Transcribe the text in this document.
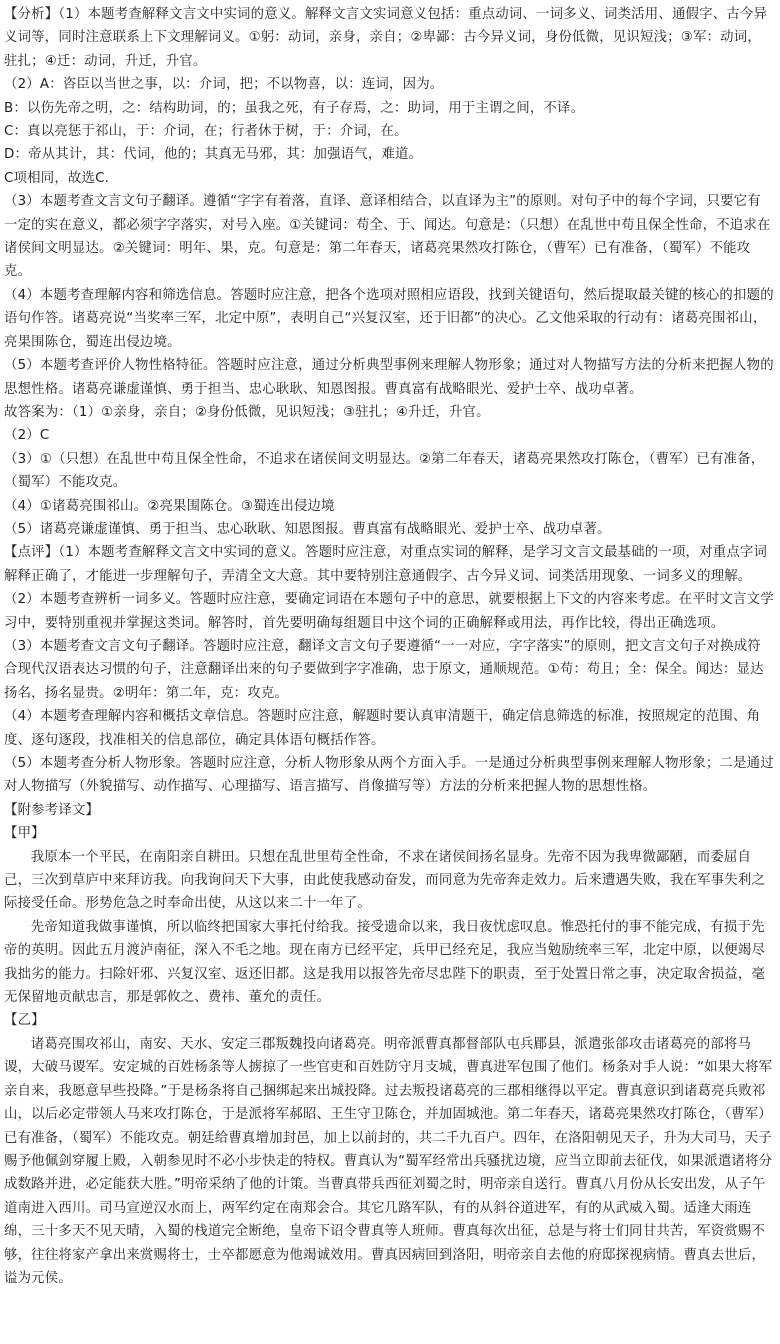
【分析】（1）本题考查解释文言文中实词的意义。解释文言文实词意义包括：重点动词、一词多义、词类活用、通假字、古今异义词等，同时注意联系上下文理解词义。①躬：动词，亲身，亲自；②卑鄙：古今异义词，身份低微，见识短浅；③军：动词，驻扎；④迁：动词，升迁，升官。

（2）A：咨臣以当世之事，以：介词，把；不以物喜，以：连词，因为。

B：以伤先帝之明，之：结构助词，的；虽我之死，有子存焉，之：助词，用于主谓之间，不译。

C：真以亮惩于祁山，于：介词，在；行者休于树，于：介词，在。

D：帝从其计，其：代词，他的；其真无马邪，其：加强语气，难道。

C项相同，故选C.

（3）本题考查文言文句子翻译。遵循“字字有着落，直译、意译相结合，以直译为主”的原则。对句子中的每个字词，只要它有一定的实在意义，都必须字字落实，对号入座。①关键词：苟全、于、闻达。句意是：（只想）在乱世中苟且保全性命，不追求在诸侯间文明显达。②关键词：明年、果，克。句意是：第二年春天，诸葛亮果然攻打陈仓，（曹军）已有准备，（蜀军）不能攻克。

（4）本题考查理解内容和筛选信息。答题时应注意，把各个选项对照相应语段，找到关键语句，然后提取最关键的核心的扣题的语句作答。诸葛亮说“当奖率三军，北定中原”，表明自己“兴复汉室，还于旧都”的决心。乙文他采取的行动有：诸葛亮围祁山，亮果围陈仓，蜀连出侵边境。

（5）本题考查评价人物性格特征。答题时应注意，通过分析典型事例来理解人物形象；通过对人物描写方法的分析来把握人物的思想性格。诸葛亮谦虚谨慎、勇于担当、忠心耿耿、知恩图报。曹真富有战略眼光、爱护士卒、战功卓著。

故答案为：（1）①亲身，亲自；②身份低微，见识短浅；③驻扎；④升迁，升官。

（2）C

（3）①（只想）在乱世中苟且保全性命，不追求在诸侯间文明显达。②第二年春天，诸葛亮果然攻打陈仓，（曹军）已有准备，（蜀军）不能攻克。

（4）①诸葛亮围祁山。②亮果围陈仓。③蜀连出侵边境

（5）诸葛亮谦虚谨慎、勇于担当、忠心耿耿、知恩图报。曹真富有战略眼光、爱护士卒、战功卓著。

【点评】（1）本题考查解释文言文中实词的意义。答题时应注意，对重点实词的解释，是学习文言文最基础的一项，对重点字词解释正确了，才能进一步理解句子，弄清全文大意。其中要特别注意通假字、古今异义词、词类活用现象、一词多义的理解。

（2）本题考查辨析一词多义。答题时应注意，要确定词语在本题句子中的意思，就要根据上下文的内容来考虑。在平时文言文学习中，要特别重视并掌握这类词。解答时，首先要明确每组题目中这个词的正确解释或用法，再作比较，得出正确选项。

（3）本题考查文言文句子翻译。答题时应注意，翻译文言文句子要遵循“一一对应，字字落实”的原则，把文言文句子对换成符合现代汉语表达习惯的句子，注意翻译出来的句子要做到字字准确，忠于原文，通顺规范。①苟：苟且；全：保全。闻达：显达扬名，扬名显贵。②明年：第二年，克：攻克。

（4）本题考查理解内容和概括文章信息。答题时应注意，解题时要认真审清题干，确定信息筛选的标准，按照规定的范围、角度、逐句逐段，找准相关的信息部位，确定具体语句概括作答。

（5）本题考查分析人物形象。答题时应注意，分析人物形象从两个方面入手。一是通过分析典型事例来理解人物形象；二是通过对人物描写（外貌描写、动作描写、心理描写、语言描写、肖像描写等）方法的分析来把握人物的思想性格。

【附参考译文】

【甲】

我原本一个平民，在南阳亲自耕田。只想在乱世里苟全性命，不求在诸侯间扬名显身。先帝不因为我卑微鄙陋，而委屈自己，三次到草庐中来拜访我。向我询问天下大事，由此使我感动奋发，而同意为先帝奔走效力。后来遭遇失败，我在军事失利之际接受任命。形势危急之时奉命出使，从这以来二十一年了。

先帝知道我做事谨慎，所以临终把国家大事托付给我。接受遗命以来，我日夜忧虑叹息。惟恐托付的事不能完成，有损于先帝的英明。因此五月渡泸南征，深入不毛之地。现在南方已经平定，兵甲已经充足，我应当勉励统率三军，北定中原，以便竭尽我拙劣的能力。扫除奸邪、兴复汉室、返还旧都。这是我用以报答先帝尽忠陛下的职责，至于处置日常之事，决定取舍损益，毫无保留地贡献忠言，那是郭攸之、费祎、董允的责任。

【乙】

诸葛亮围攻祁山，南安、天水、安定三郡叛魏投向诸葛亮。明帝派曹真都督部队屯兵郿县，派遣张郃攻击诸葛亮的部将马谡，大破马谡军。安定城的百姓杨条等人掳掠了一些官吏和百姓防守月支城，曹真进军包围了他们。杨条对手人说：“如果大将军亲自来，我愿意早些投降。”于是杨条将自己捆绑起来出城投降。过去叛投诸葛亮的三郡相继得以平定。曹真意识到诸葛亮兵败祁山，以后必定带领人马来攻打陈仓，于是派将军郝昭、王生守卫陈仓，并加固城池。第二年春天，诸葛亮果然攻打陈仓，（曹军）已有准备，（蜀军）不能攻克。朝廷给曹真增加封邑，加上以前封的，共二千九百户。四年，在洛阳朝见天子，升为大司马，天子赐予他佩剑穿履上殿，入朝参见时不必小步快走的特权。曹真认为“蜀军经常出兵骚扰边境，应当立即前去征伐，如果派遣诸将分成数路并进，必定能获大胜。”明帝采纳了他的计策。当曹真带兵西征刘蜀之时，明帝亲自送行。曹真八月份从长安出发，从子午道南进入西川。司马宣逆汉水而上，两军约定在南郑会合。其它几路军队，有的从斜谷道进军，有的从武威入蜀。适逢大雨连绵，三十多天不见天晴，入蜀的栈道完全断绝，皇帝下诏令曹真等人班师。曹真每次出征，总是与将士们同甘共苦，军资赏赐不够，往往将家产拿出来赏赐将士，士卒都愿意为他竭诚效用。曹真因病回到洛阳，明帝亲自去他的府邸探视病情。曹真去世后，谥为元侯。
